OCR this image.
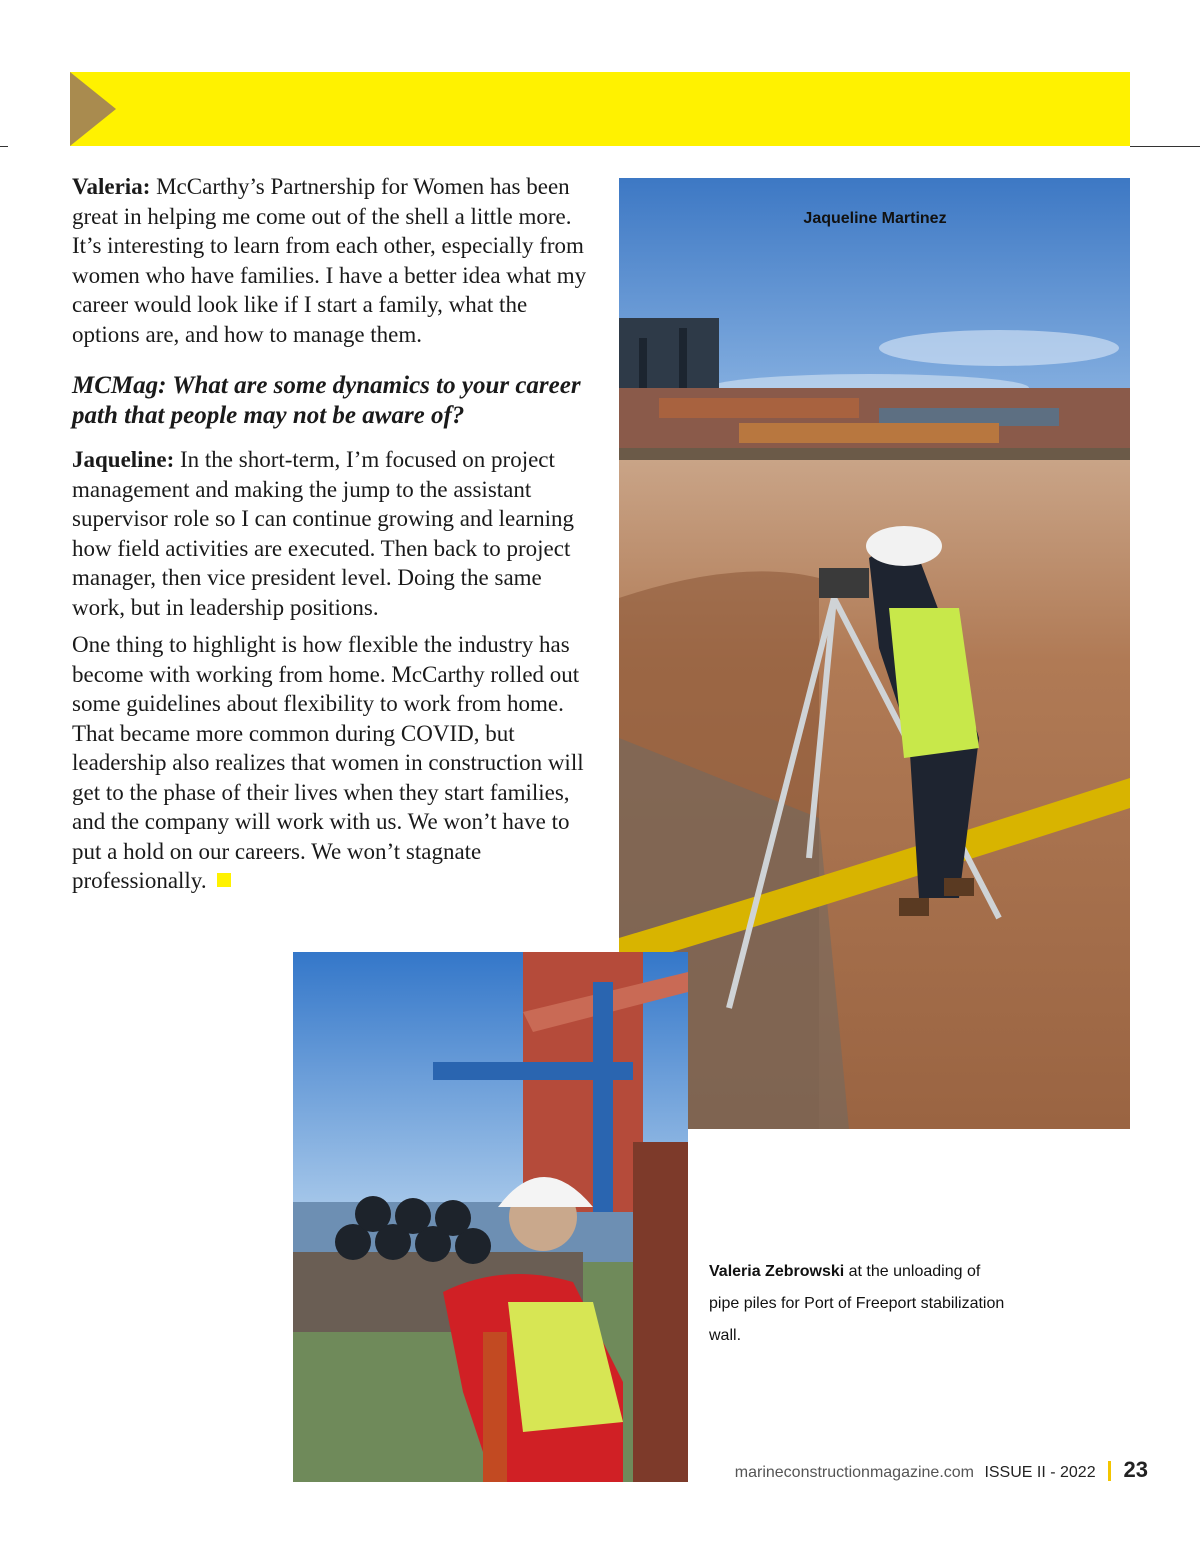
Valeria: McCarthy’s Partnership for Women has been great in helping me come out of the shell a little more. It’s interesting to learn from each other, especially from women who have families. I have a better idea what my career would look like if I start a family, what the options are, and how to manage them.

MCMag: What are some dynamics to your career path that people may not be aware of?

Jaqueline: In the short-term, I’m focused on project management and making the jump to the assistant supervisor role so I can continue growing and learning how field activities are executed. Then back to project manager, then vice president level. Doing the same work, but in leadership positions.

One thing to highlight is how flexible the industry has become with working from home. McCarthy rolled out some guidelines about flexibility to work from home. That became more common during COVID, but leadership also realizes that women in construction will get to the phase of their lives when they start families, and the company will work with us. We won’t have to put a hold on our careers. We won’t stagnate professionally.

Jaqueline Martinez
Valeria Zebrowski at the unloading of pipe piles for Port of Freeport stabilization wall.
marineconstructionmagazine.com ISSUE II - 2022 23
